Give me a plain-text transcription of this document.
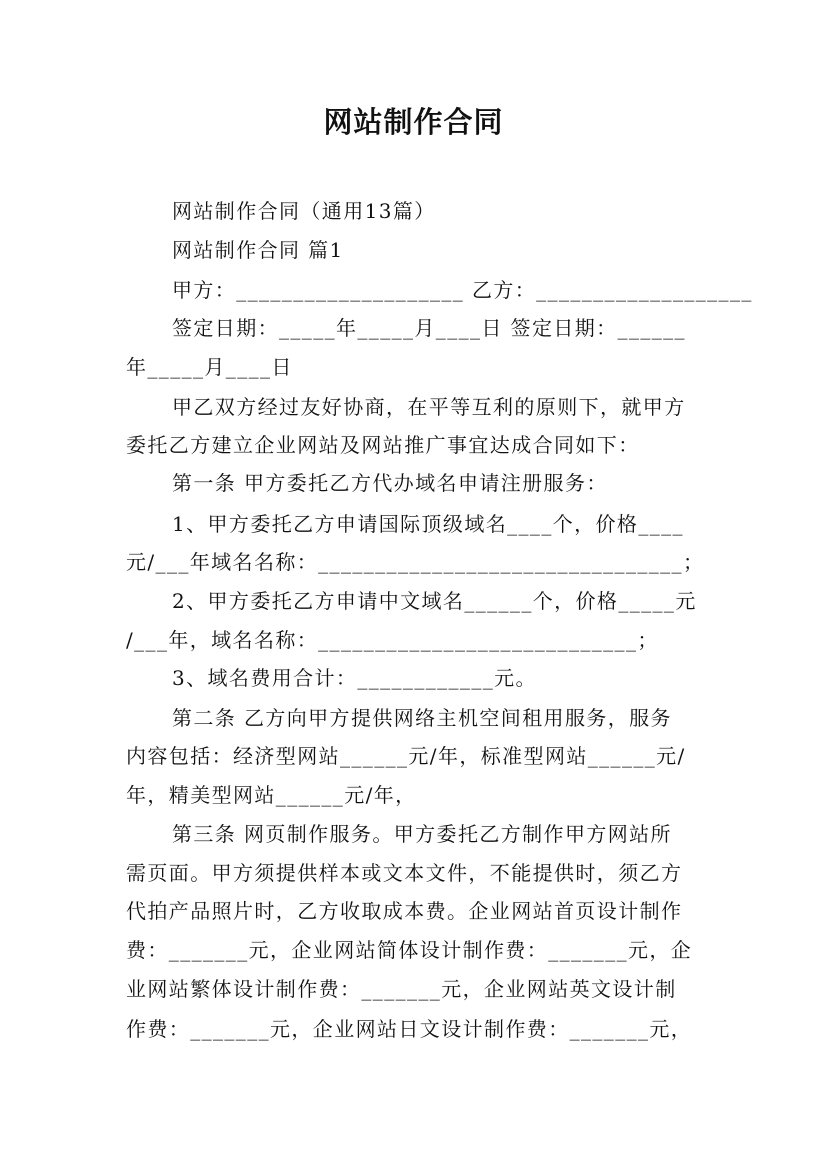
网站制作合同
网站制作合同（通用13篇）
网站制作合同 篇1
甲方：____________________ 乙方：___________________
签定日期：_____年_____月____日 签定日期：______
年_____月____日
甲乙双方经过友好协商，在平等互利的原则下，就甲方
委托乙方建立企业网站及网站推广事宜达成合同如下：
第一条 甲方委托乙方代办域名申请注册服务：
1、甲方委托乙方申请国际顶级域名____个，价格____
元/___年域名名称：________________________________；
2、甲方委托乙方申请中文域名______个，价格_____元
/___年，域名名称：____________________________；
3、域名费用合计：____________元。
第二条 乙方向甲方提供网络主机空间租用服务，服务
内容包括：经济型网站______元/年，标准型网站______元/
年，精美型网站______元/年，
第三条 网页制作服务。甲方委托乙方制作甲方网站所
需页面。甲方须提供样本或文本文件，不能提供时，须乙方
代拍产品照片时，乙方收取成本费。企业网站首页设计制作
费：_______元，企业网站简体设计制作费：_______元，企
业网站繁体设计制作费：_______元，企业网站英文设计制
作费：_______元，企业网站日文设计制作费：_______元，
